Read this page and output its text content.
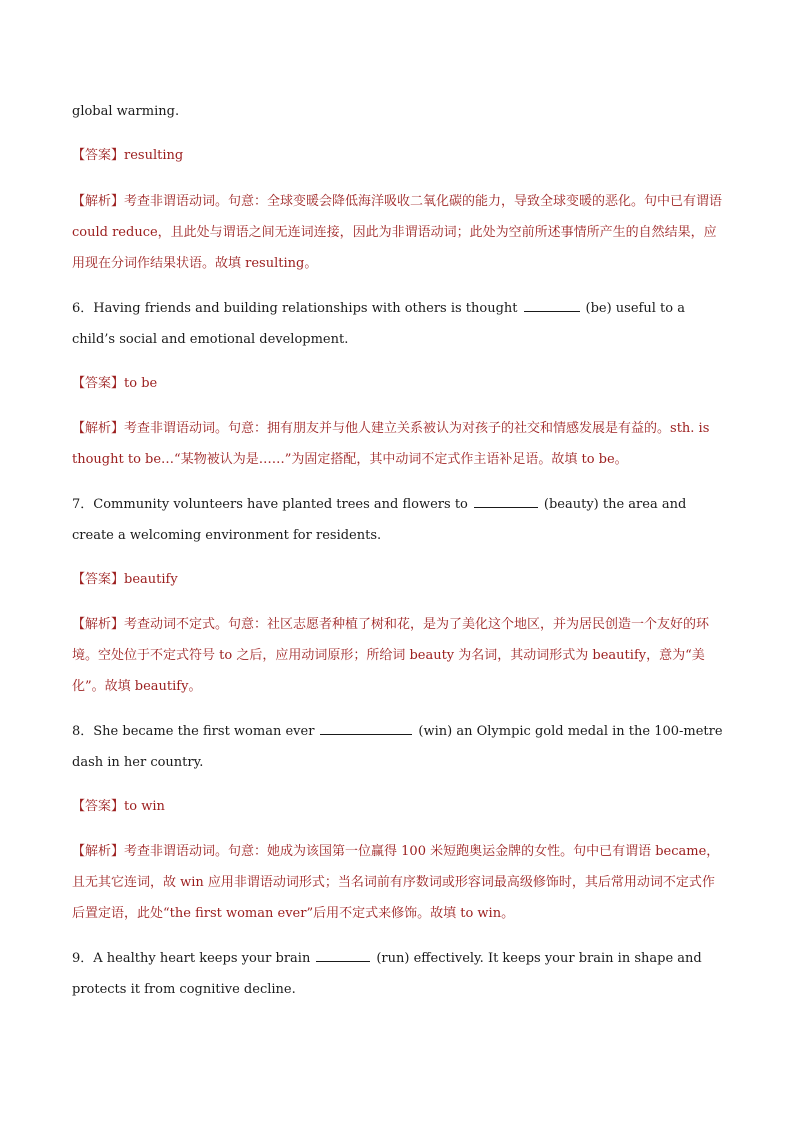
global warming.
【答案】resulting
【解析】考查非谓语动词。句意：全球变暖会降低海洋吸收二氧化碳的能力，导致全球变暖的恶化。句中已有谓语 could reduce，且此处与谓语之间无连词连接，因此为非谓语动词；此处为空前所述事情所产生的自然结果，应用现在分词作结果状语。故填 resulting。
6．Having friends and building relationships with others is thought	(be) useful to a child’s social and emotional development.
【答案】to be
【解析】考查非谓语动词。句意：拥有朋友并与他人建立关系被认为对孩子的社交和情感发展是有益的。sth. is thought to be…“某物被认为是……”为固定搭配，其中动词不定式作主语补足语。故填 to be。
7．Community volunteers have planted trees and flowers to	(beauty) the area and create a welcoming environment for residents.
【答案】beautify
【解析】考查动词不定式。句意：社区志愿者种植了树和花，是为了美化这个地区，并为居民创造一个友好的环境。空处位于不定式符号 to 之后，应用动词原形；所给词 beauty 为名词，其动词形式为 beautify，意为“美化”。故填 beautify。
8．She became the first woman ever	(win) an Olympic gold medal in the 100-metre dash in her country.
【答案】to win
【解析】考查非谓语动词。句意：她成为该国第一位赢得 100 米短跑奥运金牌的女性。句中已有谓语 became，且无其它连词，故 win 应用非谓语动词形式；当名词前有序数词或形容词最高级修饰时，其后常用动词不定式作后置定语，此处“the first woman ever”后用不定式来修饰。故填 to win。
9．A healthy heart keeps your brain	(run) effectively. It keeps your brain in shape and protects it from cognitive decline.
